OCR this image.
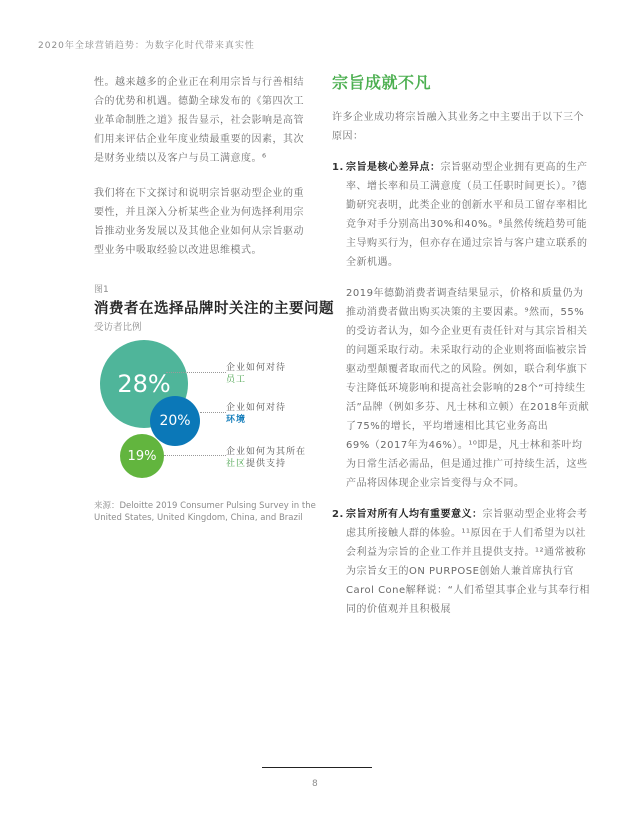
2020年全球营销趋势：为数字化时代带来真实性

性。越来越多的企业正在利用宗旨与行善相结合的优势和机遇。德勤全球发布的《第四次工业革命制胜之道》报告显示，社会影响是高管们用来评估企业年度业绩最重要的因素，其次是财务业绩以及客户与员工满意度。⁶

我们将在下文探讨和说明宗旨驱动型企业的重要性，并且深入分析某些企业为何选择利用宗旨推动业务发展以及其他企业如何从宗旨驱动型业务中吸取经验以改进思维模式。

图1
消费者在选择品牌时关注的主要问题
受访者比例
28%
19%
20%
企业如何对待
员工
企业如何对待
环境
企业如何为其所在
社区提供支持
来源：Deloitte 2019 Consumer Pulsing Survey in the United States, United Kingdom, China, and Brazil

宗旨成就不凡

许多企业成功将宗旨融入其业务之中主要出于以下三个原因：

1. 宗旨是核心差异点：宗旨驱动型企业拥有更高的生产率、增长率和员工满意度（员工任职时间更长）。⁷德勤研究表明，此类企业的创新水平和员工留存率相比竞争对手分别高出30%和40%。⁸虽然传统趋势可能主导购买行为，但亦存在通过宗旨与客户建立联系的全新机遇。

2019年德勤消费者调查结果显示，价格和质量仍为推动消费者做出购买决策的主要因素。⁹然而，55%的受访者认为，如今企业更有责任针对与其宗旨相关的问题采取行动。未采取行动的企业则将面临被宗旨驱动型颠覆者取而代之的风险。例如，联合利华旗下专注降低环境影响和提高社会影响的28个“可持续生活”品牌（例如多芬、凡士林和立顿）在2018年贡献了75%的增长，平均增速相比其它业务高出69%（2017年为46%）。¹⁰即是，凡士林和茶叶均为日常生活必需品，但是通过推广可持续生活，这些产品将因体现企业宗旨变得与众不同。

2. 宗旨对所有人均有重要意义：宗旨驱动型企业将会考虑其所接触人群的体验。¹¹原因在于人们希望为以社会利益为宗旨的企业工作并且提供支持。¹²通常被称为宗旨女王的ON PURPOSE创始人兼首席执行官Carol Cone解释说：“人们希望其事企业与其奉行相同的价值观并且积极展
8
